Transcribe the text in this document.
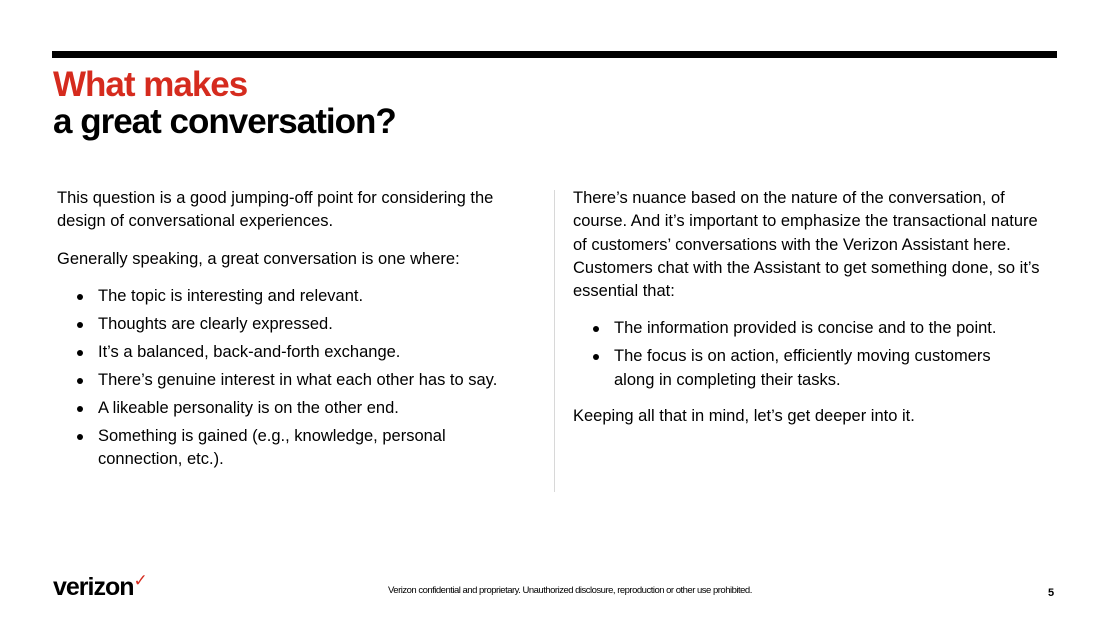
What makes
a great conversation?

This question is a good jumping-off point for considering the design of conversational experiences.

Generally speaking, a great conversation is one where:

The topic is interesting and relevant.
Thoughts are clearly expressed.
It’s a balanced, back-and-forth exchange.
There’s genuine interest in what each other has to say.
A likeable personality is on the other end.
Something is gained (e.g., knowledge, personal connection, etc.).

There’s nuance based on the nature of the conversation, of course. And it’s important to emphasize the transactional nature of customers’ conversations with the Verizon Assistant here. Customers chat with the Assistant to get something done, so it’s essential that:

The information provided is concise and to the point.
The focus is on action, efficiently moving customers along in completing their tasks.

Keeping all that in mind, let’s get deeper into it.

verizon✓
Verizon confidential and proprietary. Unauthorized disclosure, reproduction or other use prohibited.	5
